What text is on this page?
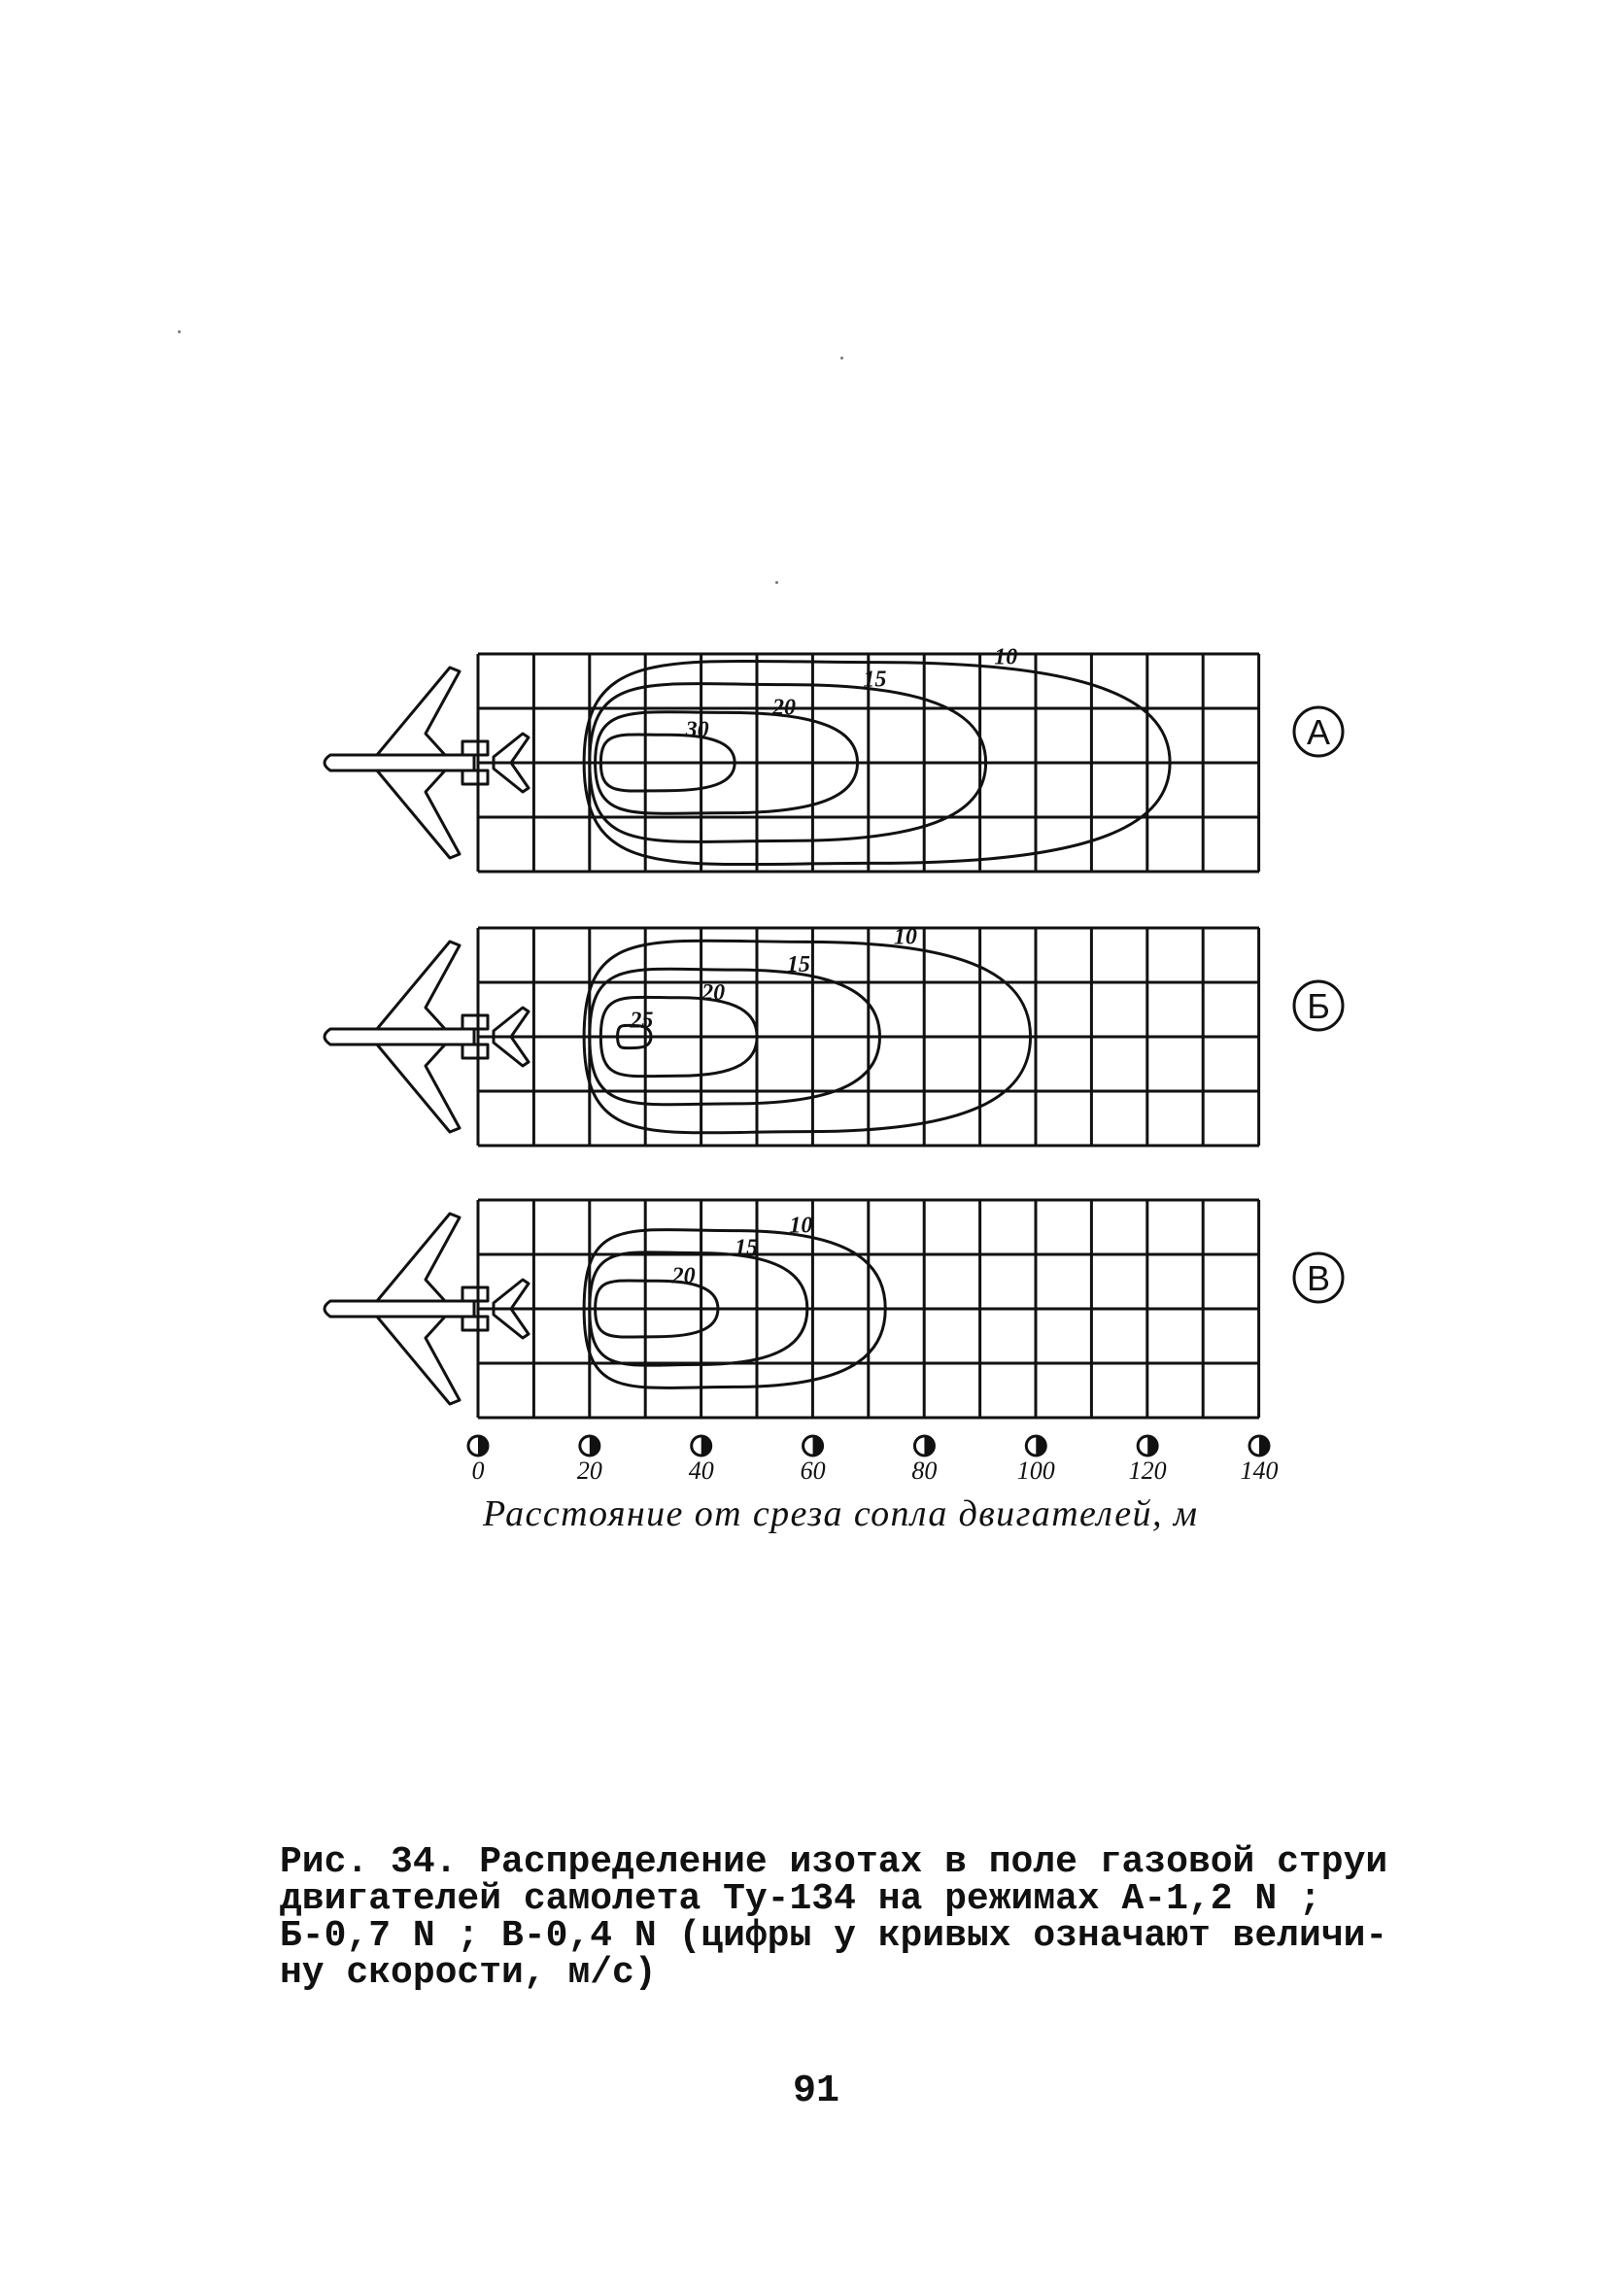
30
20
15
10
А
25
20
15
10
Б
20
15
10
В
0	20	40	60	80	100	120	140
Расстояние от среза сопла двигателей, м
Рис. 34. Распределение изотах в поле газовой струи
двигателей самолета Ту-134 на режимах А-1,2 N ;
Б-0,7 N ; В-0,4 N (цифры у кривых означают величи-
ну скорости, м/с)
91
